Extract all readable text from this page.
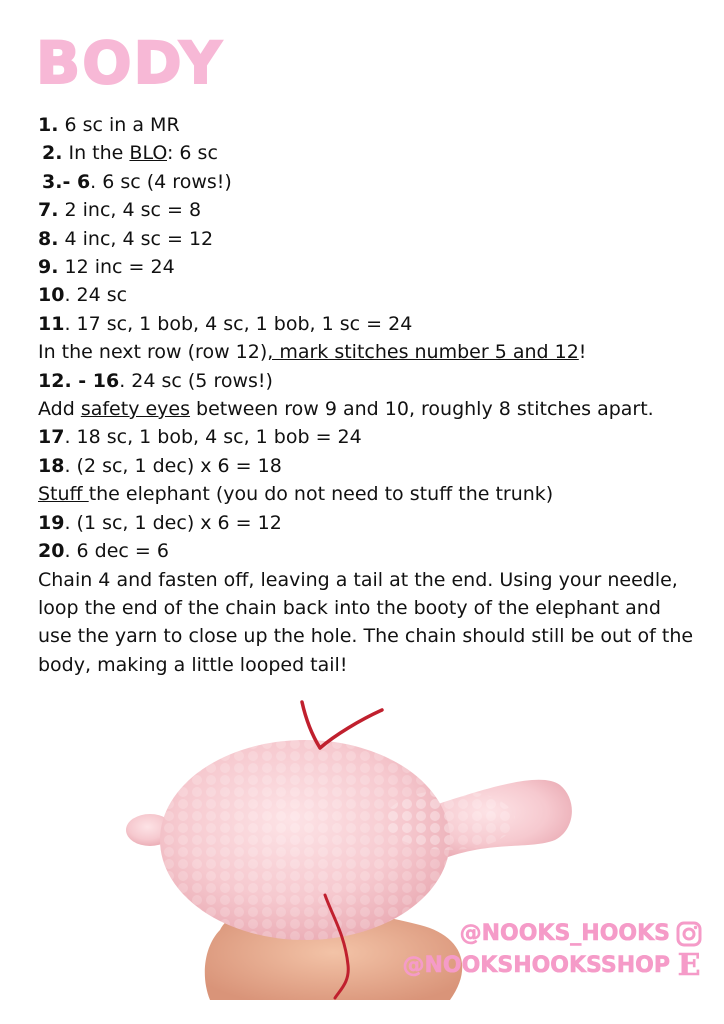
BODY
1. 6 sc in a MR
2. In the BLO: 6 sc
3.- 6. 6 sc (4 rows!)
7. 2 inc, 4 sc = 8
8. 4 inc, 4 sc = 12
9. 12 inc = 24
10. 24 sc
11. 17 sc, 1 bob, 4 sc, 1 bob, 1 sc = 24
In the next row (row 12), mark stitches number 5 and 12!
12. - 16. 24 sc (5 rows!)
Add safety eyes between row 9 and 10, roughly 8 stitches apart.
17. 18 sc, 1 bob, 4 sc, 1 bob = 24
18. (2 sc, 1 dec) x 6 = 18
Stuff the elephant (you do not need to stuff the trunk)
19. (1 sc, 1 dec) x 6 = 12
20. 6 dec = 6
Chain 4 and fasten off, leaving a tail at the end. Using your needle, loop the end of the chain back into the booty of the elephant and use the yarn to close up the hole. The chain should still be out of the body, making a little looped tail!
@NOOKS_HOOKS
@NOOKSHOOKSSHOP E
